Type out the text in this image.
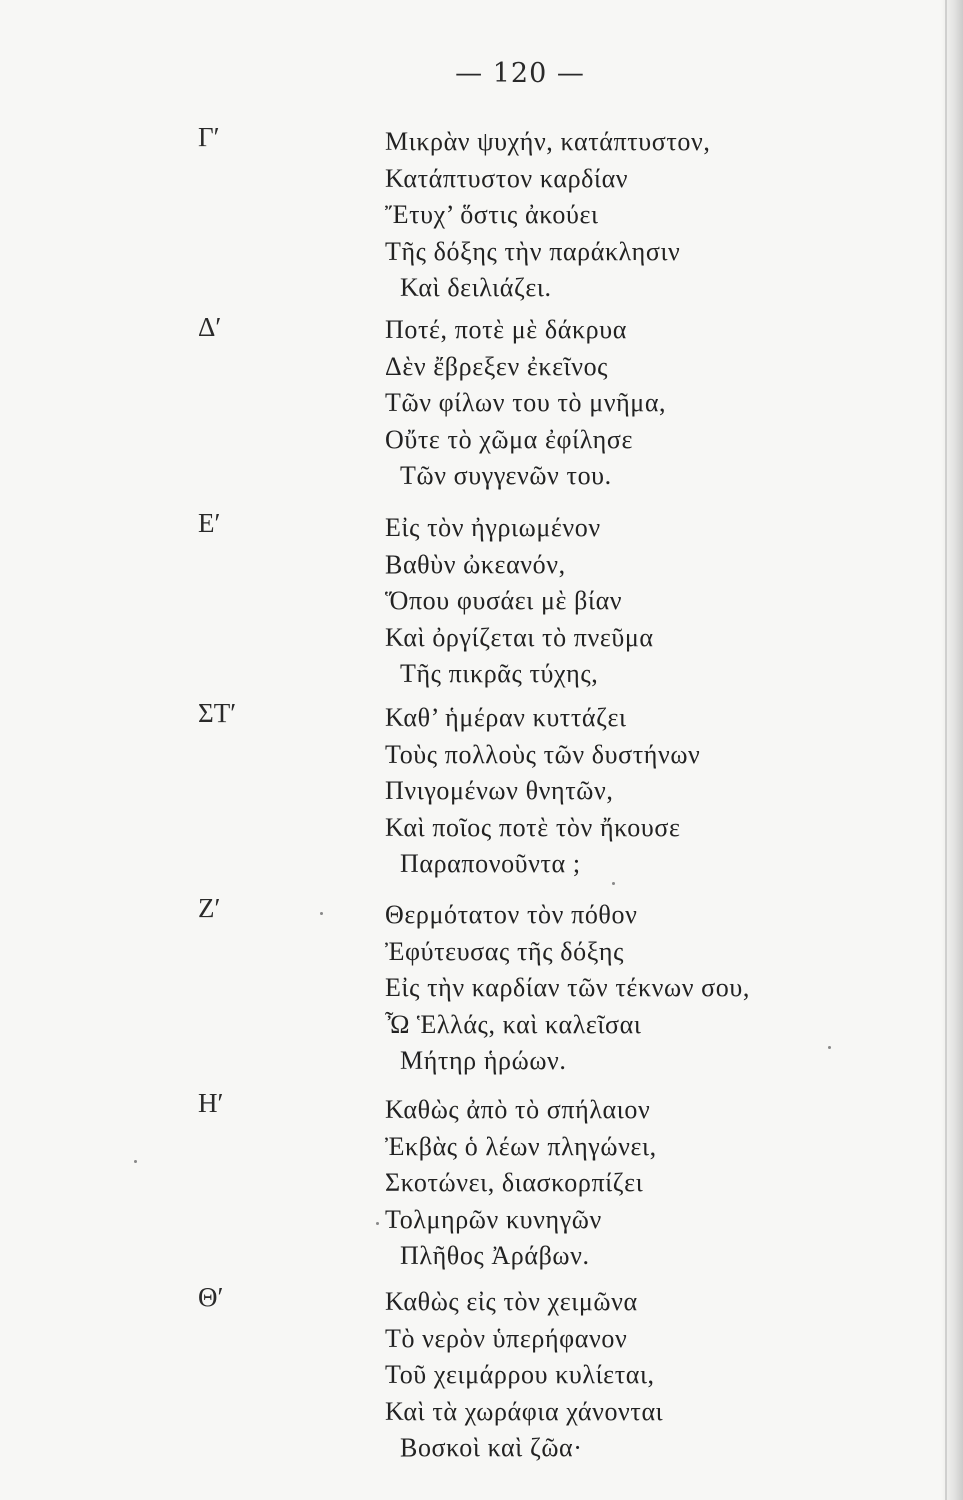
— 120 —
Γ′	Μικρὰν ψυχήν, κατάπτυστον,
Κατάπτυστον καρδίαν
Ἔτυχ’ ὅστις ἀκούει
Τῆς δόξης τὴν παράκλησιν
Καὶ δειλιάζει.
Δ′	Ποτέ, ποτὲ μὲ δάκρυα
Δὲν ἔβρεξεν ἐκεῖνος
Τῶν φίλων του τὸ μνῆμα,
Οὔτε τὸ χῶμα ἐφίλησε
Τῶν συγγενῶν του.
Ε′	Εἰς τὸν ἠγριωμένον
Βαθὺν ὠκεανόν,
Ὅπου φυσάει μὲ βίαν
Καὶ ὀργίζεται τὸ πνεῦμα
Τῆς πικρᾶς τύχης,
ΣΤ′	Καθ’ ἡμέραν κυττάζει
Τοὺς πολλοὺς τῶν δυστήνων
Πνιγομένων θνητῶν,
Καὶ ποῖος ποτὲ τὸν ἤκουσε
Παραπονοῦντα ;
Ζ′	Θερμότατον τὸν πόθον
Ἐφύτευσας τῆς δόξης
Εἰς τὴν καρδίαν τῶν τέκνων σου,
Ὦ Ἑλλάς, καὶ καλεῖσαι
Μήτηρ ἡρώων.
Η′	Καθὼς ἀπὸ τὸ σπήλαιον
Ἐκβὰς ὁ λέων πληγώνει,
Σκοτώνει, διασκορπίζει
Τολμηρῶν κυνηγῶν
Πλῆθος Ἀράβων.
Θ′	Καθὼς εἰς τὸν χειμῶνα
Τὸ νερὸν ὑπερήφανον
Τοῦ χειμάρρου κυλίεται,
Καὶ τὰ χωράφια χάνονται
Βοσκοὶ καὶ ζῶα·
